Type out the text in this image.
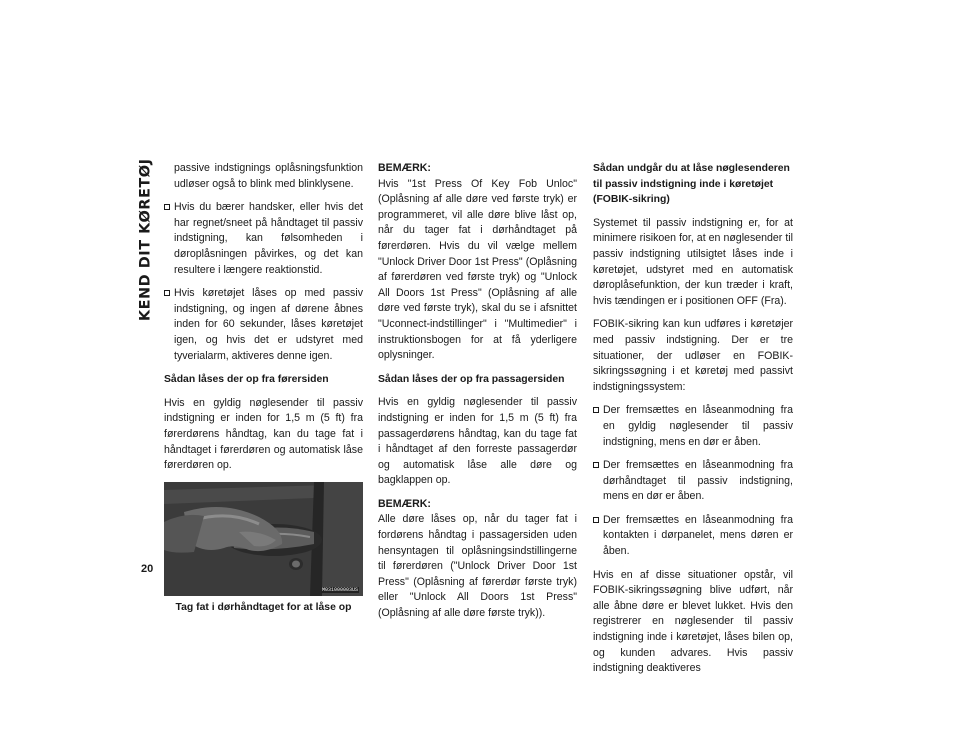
KEND DIT KØRETØJ
20

passive indstignings oplåsningsfunktion udløser også to blink med blinklysene.

Hvis du bærer handsker, eller hvis det har regnet/sneet på håndtaget til passiv indstigning, kan følsomheden i døroplåsningen påvirkes, og det kan resultere i længere reaktionstid.
Hvis køretøjet låses op med passiv indstigning, og ingen af dørene åbnes inden for 60 sekunder, låses køretøjet igen, og hvis det er udstyret med tyverialarm, aktiveres denne igen.
Sådan låses der op fra førersiden

Hvis en gyldig nøglesender til passiv indstigning er inden for 1,5 m (5 ft) fra førerdørens håndtag, kan du tage fat i håndtaget i førerdøren og automatisk låse førerdøren op.

M031000003US
Tag fat i dørhåndtaget for at låse op
BEMÆRK:

Hvis "1st Press Of Key Fob Unloc" (Oplåsning af alle døre ved første tryk) er programmeret, vil alle døre blive låst op, når du tager fat i dørhåndtaget på førerdøren. Hvis du vil vælge mellem "Unlock Driver Door 1st Press" (Oplåsning af førerdøren ved første tryk) og "Unlock All Doors 1st Press" (Oplåsning af alle døre ved første tryk), skal du se i afsnittet "Uconnect-indstillinger" i "Multimedier" i instruktionsbogen for at få yderligere oplysninger.

Sådan låses der op fra passagersiden

Hvis en gyldig nøglesender til passiv indstigning er inden for 1,5 m (5 ft) fra passagerdørens håndtag, kan du tage fat i håndtaget af den forreste passagerdør og automatisk låse alle døre og bagklappen op.

BEMÆRK:

Alle døre låses op, når du tager fat i fordørens håndtag i passagersiden uden hensyntagen til oplåsningsindstillingerne til førerdøren ("Unlock Driver Door 1st Press" (Oplåsning af førerdør første tryk) eller "Unlock All Doors 1st Press" (Oplåsning af alle døre første tryk)).

Sådan undgår du at låse nøglesenderen til passiv indstigning inde i køretøjet (FOBIK-sikring)

Systemet til passiv indstigning er, for at minimere risikoen for, at en nøglesender til passiv indstigning utilsigtet låses inde i køretøjet, udstyret med en automatisk døroplåsefunktion, der kun træder i kraft, hvis tændingen er i positionen OFF (Fra).

FOBIK-sikring kan kun udføres i køretøjer med passiv indstigning. Der er tre situationer, der udløser en FOBIK-sikringssøgning i et køretøj med passivt indstigningssystem:

Der fremsættes en låseanmodning fra en gyldig nøglesender til passiv indstigning, mens en dør er åben.
Der fremsættes en låseanmodning fra dørhåndtaget til passiv indstigning, mens en dør er åben.
Der fremsættes en låseanmodning fra kontakten i dørpanelet, mens døren er åben.

Hvis en af disse situationer opstår, vil FOBIK-sikringssøgning blive udført, når alle åbne døre er blevet lukket. Hvis den registrerer en nøglesender til passiv indstigning inde i køretøjet, låses bilen op, og kunden advares. Hvis passiv indstigning deaktiveres
